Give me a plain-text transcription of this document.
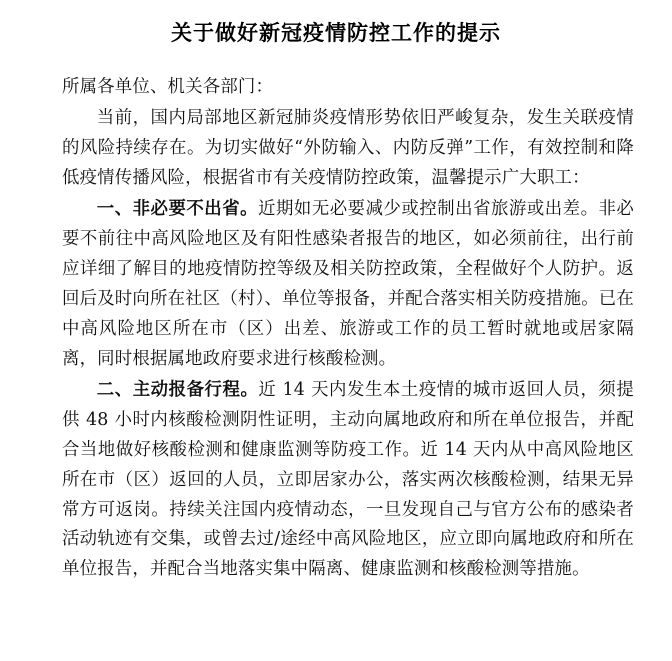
关于做好新冠疫情防控工作的提示

所属各单位、机关各部门：

当前，国内局部地区新冠肺炎疫情形势依旧严峻复杂，发生关联疫情的风险持续存在。为切实做好“外防输入、内防反弹”工作，有效控制和降低疫情传播风险，根据省市有关疫情防控政策，温馨提示广大职工：

一、非必要不出省。近期如无必要减少或控制出省旅游或出差。非必要不前往中高风险地区及有阳性感染者报告的地区，如必须前往，出行前应详细了解目的地疫情防控等级及相关防控政策，全程做好个人防护。返回后及时向所在社区（村）、单位等报备，并配合落实相关防疫措施。已在中高风险地区所在市（区）出差、旅游或工作的员工暂时就地或居家隔离，同时根据属地政府要求进行核酸检测。

二、主动报备行程。近 14 天内发生本土疫情的城市返回人员，须提供 48 小时内核酸检测阴性证明，主动向属地政府和所在单位报告，并配合当地做好核酸检测和健康监测等防疫工作。近 14 天内从中高风险地区所在市（区）返回的人员，立即居家办公，落实两次核酸检测，结果无异常方可返岗。持续关注国内疫情动态，一旦发现自己与官方公布的感染者活动轨迹有交集，或曾去过/途经中高风险地区，应立即向属地政府和所在单位报告，并配合当地落实集中隔离、健康监测和核酸检测等措施。
